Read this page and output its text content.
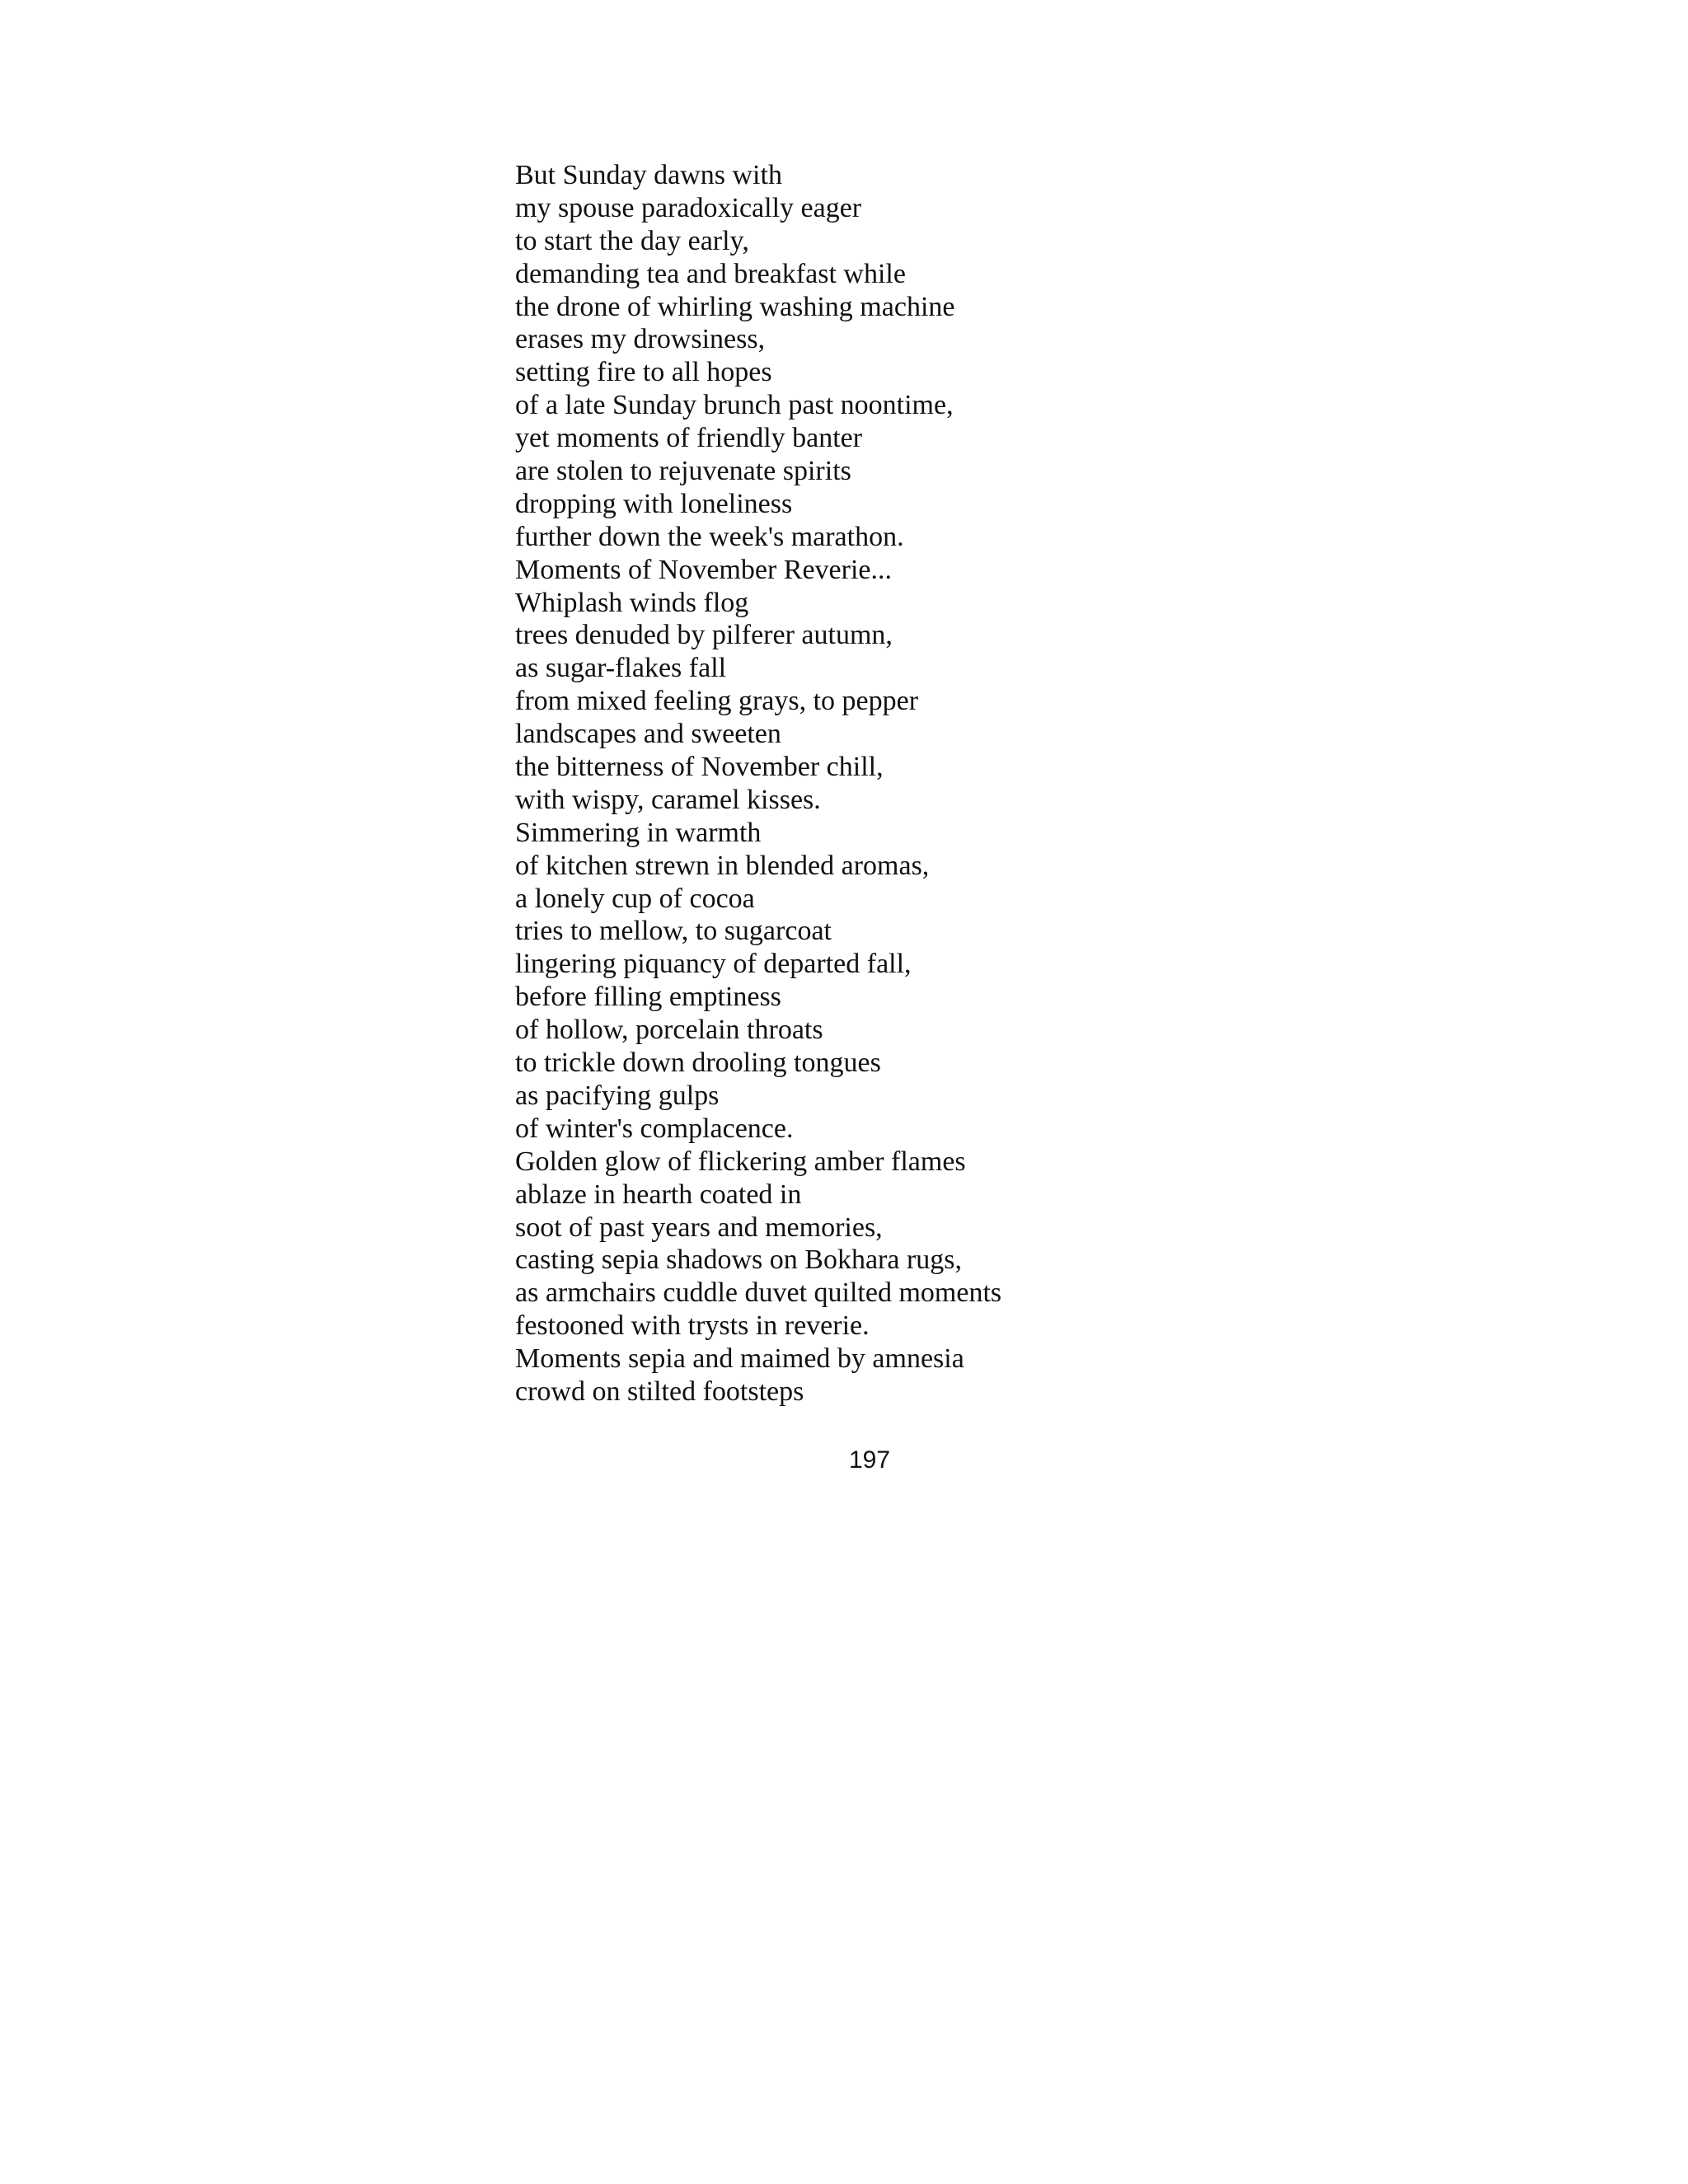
But Sunday dawns with
my spouse paradoxically eager
to start the day early,
demanding tea and breakfast while
the drone of whirling washing machine
erases my drowsiness,
setting fire to all hopes
of a late Sunday brunch past noontime,
yet moments of friendly banter
are stolen to rejuvenate spirits
dropping with loneliness
further down the week's marathon.
Moments of November Reverie...
Whiplash winds flog
trees denuded by pilferer autumn,
as sugar-flakes fall
from mixed feeling grays, to pepper
landscapes and sweeten
the bitterness of November chill,
with wispy, caramel kisses.
Simmering in warmth
of kitchen strewn in blended aromas,
a lonely cup of cocoa
tries to mellow, to sugarcoat
lingering piquancy of departed fall,
before filling emptiness
of hollow, porcelain throats
to trickle down drooling tongues
as pacifying gulps
of winter's complacence.
Golden glow of flickering amber flames
ablaze in hearth coated in
soot of past years and memories,
casting sepia shadows on Bokhara rugs,
as armchairs cuddle duvet quilted moments
festooned with trysts in reverie.
Moments sepia and maimed by amnesia
crowd on stilted footsteps
197
